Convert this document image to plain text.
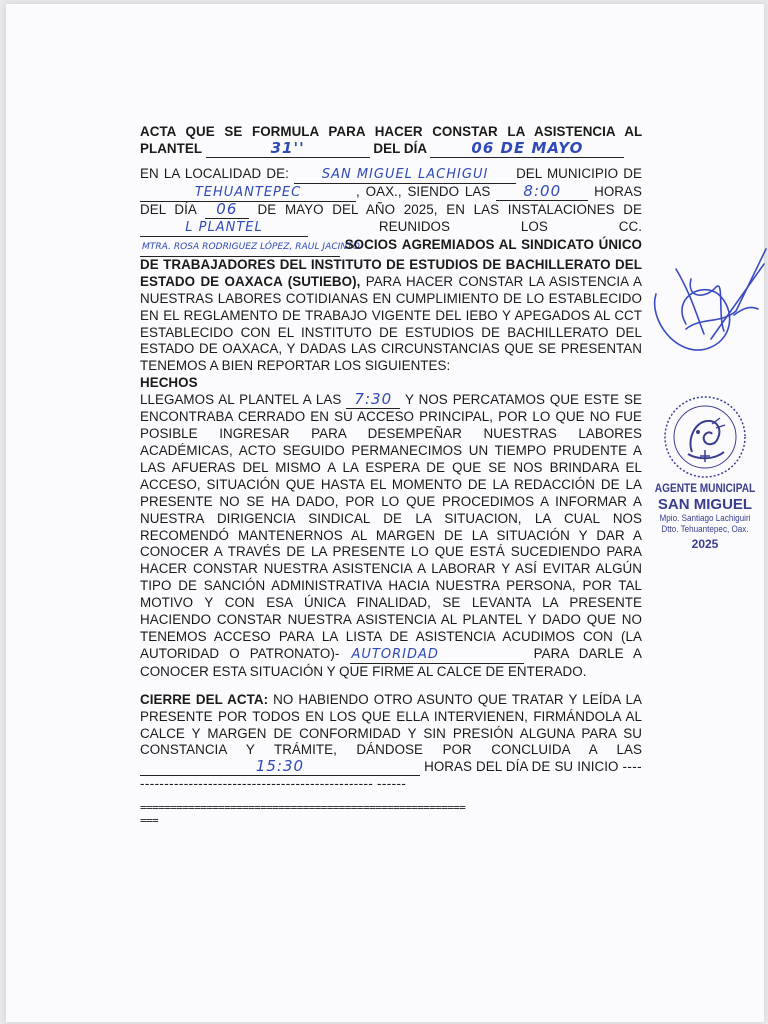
ACTA QUE SE FORMULA PARA HACER CONSTAR LA ASISTENCIA AL PLANTEL	31''	DEL DÍA	06 DE MAYO

EN LA LOCALIDAD DE:	SAN MIGUEL LACHIGUI DEL MUNICIPIO DE TEHUANTEPEC	, OAX., SIENDO LAS 8:00 HORAS DEL DÍA 06 DE MAYO DEL AÑO 2025, EN LAS INSTALACIONES DE L PLANTEL	REUNIDOS LOS CC. MTRA. ROSA RODRIGUEZ LÓPEZ, RAUL JACINTO SOCIOS AGREMIADOS AL SINDICATO ÚNICO DE TRABAJADORES DEL INSTITUTO DE ESTUDIOS DE BACHILLERATO DEL ESTADO DE OAXACA (SUTIEBO), PARA HACER CONSTAR LA ASISTENCIA A NUESTRAS LABORES COTIDIANAS EN CUMPLIMIENTO DE LO ESTABLECIDO EN EL REGLAMENTO DE TRABAJO VIGENTE DEL IEBO Y APEGADOS AL CCT ESTABLECIDO CON EL INSTITUTO DE ESTUDIOS DE BACHILLERATO DEL ESTADO DE OAXACA, Y DADAS LAS CIRCUNSTANCIAS QUE SE PRESENTAN TENEMOS A BIEN REPORTAR LOS SIGUIENTES:

HECHOS

LLEGAMOS AL PLANTEL A LAS 7:30 Y NOS PERCATAMOS QUE ESTE SE ENCONTRABA CERRADO EN SU ACCESO PRINCIPAL, POR LO QUE NO FUE POSIBLE INGRESAR PARA DESEMPEÑAR NUESTRAS LABORES ACADÉMICAS, ACTO SEGUIDO PERMANECIMOS UN TIEMPO PRUDENTE A LAS AFUERAS DEL MISMO A LA ESPERA DE QUE SE NOS BRINDARA EL ACCESO, SITUACIÓN QUE HASTA EL MOMENTO DE LA REDACCIÓN DE LA PRESENTE NO SE HA DADO, POR LO QUE PROCEDIMOS A INFORMAR A NUESTRA DIRIGENCIA SINDICAL DE LA SITUACION, LA CUAL NOS RECOMENDÓ MANTENERNOS AL MARGEN DE LA SITUACIÓN Y DAR A CONOCER A TRAVÉS DE LA PRESENTE LO QUE ESTÁ SUCEDIENDO PARA HACER CONSTAR NUESTRA ASISTENCIA A LABORAR Y ASÍ EVITAR ALGÚN TIPO DE SANCIÓN ADMINISTRATIVA HACIA NUESTRA PERSONA, POR TAL MOTIVO Y CON ESA ÚNICA FINALIDAD, SE LEVANTA LA PRESENTE HACIENDO CONSTAR NUESTRA ASISTENCIA AL PLANTEL Y DADO QUE NO TENEMOS ACCESO PARA LA LISTA DE ASISTENCIA ACUDIMOS CON (LA AUTORIDAD O PATRONATO)- AUTORIDAD	PARA DARLE A CONOCER ESTA SITUACIÓN Y QUE FIRME AL CALCE DE ENTERADO.

CIERRE DEL ACTA: NO HABIENDO OTRO ASUNTO QUE TRATAR Y LEÍDA LA PRESENTE POR TODOS EN LOS QUE ELLA INTERVIENEN, FIRMÁNDOLA AL CALCE Y MARGEN DE CONFORMIDAD Y SIN PRESIÓN ALGUNA PARA SU CONSTANCIA Y TRÁMITE, DÁNDOSE POR CONCLUIDA A LAS 15:30	HORAS DEL DÍA DE SU INICIO ---------------------------------------------------- ------

======================================================
===
AGENTE MUNICIPAL
SAN MIGUEL
Mpio. Santiago Lachiguiri
Dtto. Tehuantepec, Oax.
2025
